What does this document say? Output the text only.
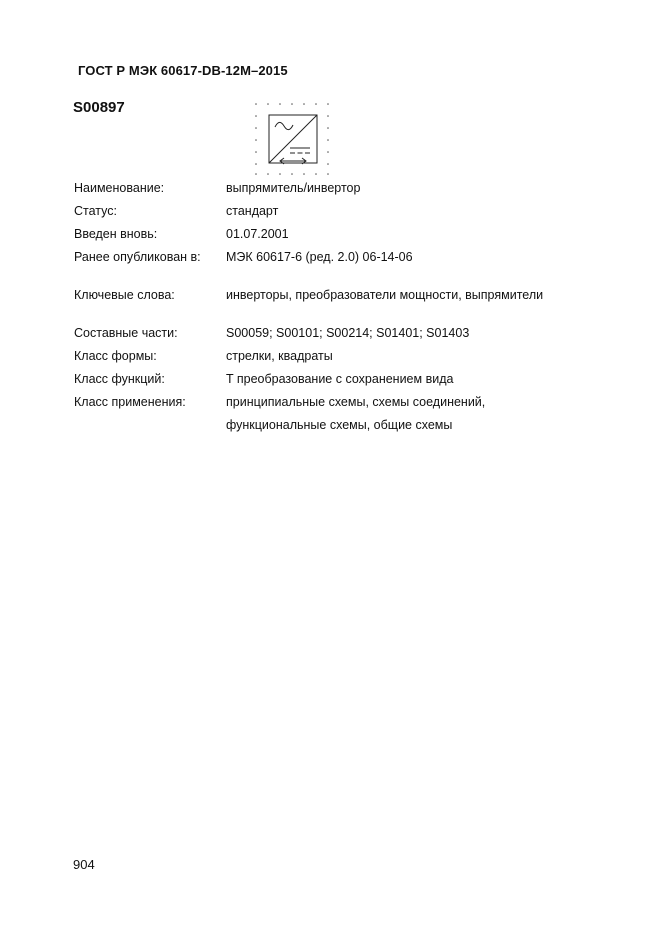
ГОСТ Р МЭК 60617-DB-12M–2015
S00897
Наименование:	выпрямитель/инвертор
Статус:	стандарт
Введен вновь:	01.07.2001
Ранее опубликован в:	МЭК 60617-6 (ред. 2.0) 06-14-06

Ключевые слова:	инверторы, преобразователи мощности, выпрямители

Составные части:	S00059; S00101; S00214; S01401; S01403
Класс формы:	стрелки, квадраты
Класс функций:	T преобразование с сохранением вида
Класс применения:	принципиальные схемы, схемы соединений,
функциональные схемы, общие схемы
904
